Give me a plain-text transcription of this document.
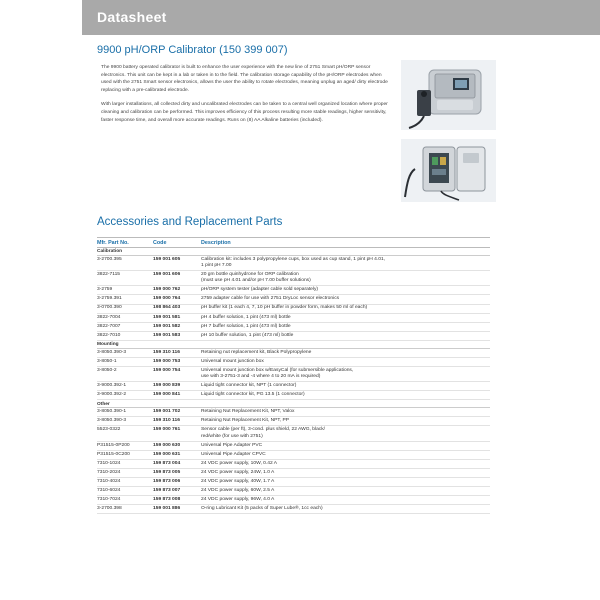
Datasheet
9900 pH/ORP Calibrator (150 399 007)

The 9900 battery operated calibrator is built to enhance the user experience with the new line of 2751 Smart pH/ORP sensor electronics. This unit can be kept in a lab or taken in to the field. The calibration storage capability of the pH/ORP electrodes when used with the 2751 Smart sensor electronics, allows the user the ability to rotate electrodes, meaning unplug an aged/ dirty electrode replacing with a pre-calibrated electrode.

With larger installations, all collected dirty and uncalibrated electrodes can be taken to a central well organized location where proper cleaning and calibration can be performed. This improves efficiency of this process resulting more stable readings, higher sensitivity, faster response time, and overall more accurate readings. Runs on (8) AA Alkaline batteries (included).

Accessories and Replacement Parts
Mfr. Part No.	Code	Description
Calibration
3-2700.395	159 001 605	Calibration kit: includes 3 polypropylene cups, box used as cup stand, 1 pint pH 4.01,
1 pint pH 7.00
3822-7115	159 001 606	20 gm bottle quinhydrone for ORP calibration
(must use pH 4.01 and/or pH 7.00 buffer solutions)
3-2759	159 000 762	pH/ORP system tester (adapter cable sold separately)
3-2759.391	159 000 764	2759 adapter cable for use with 2751 DryLoc sensor electronics
3-0700.390	198 864 403	pH buffer kit (1 each 4, 7, 10 pH buffer in powder form, makes 50 ml of each)
3822-7004	159 001 581	pH 4 buffer solution, 1 pint (473 ml) bottle
3822-7007	159 001 582	pH 7 buffer solution, 1 pint (473 ml) bottle
3822-7010	159 001 583	pH 10 buffer solution, 1 pint (473 ml) bottle
Mounting
3-8050.390-3	159 310 116	Retaining nut replacement kit, Black Polypropylene
3-8050-1	159 000 753	Universal mount junction box
3-8050-2	159 000 754	Universal mount junction box w/EasyCal (for submersible applications,
use with 3-2751-3 and -4 where 4 to 20 mA is required)
3-9000.392-1	159 000 839	Liquid tight connector kit, NPT (1 connector)
3-9000.392-2	159 000 841	Liquid tight connector kit, PG 13.5 (1 connector)
Other
3-8050.390-1	159 001 702	Retaining Nut Replacement Kit, NPT, Valox
3-8050.390-3	159 310 116	Retaining Nut Replacement Kit, NPT, PP
5523-0322	159 000 761	Sensor cable (per ft), 3-cond. plus shield, 22 AWG, black/
red/white (for use with 2751)
P31515-0P200	159 000 630	Universal Pipe Adapter PVC
P31515-0C200	159 000 631	Universal Pipe Adapter CPVC
7310-1024	159 873 004	24 VDC power supply, 10W, 0.42 A
7310-2024	159 873 005	24 VDC power supply, 24W, 1.0 A
7310-4024	159 873 006	24 VDC power supply, 40W, 1.7 A
7310-6024	159 873 007	24 VDC power supply, 60W, 2.5 A
7310-7024	159 873 008	24 VDC power supply, 96W, 4.0 A
3-2700.398	159 001 886	O-ring Lubricant Kit (5 packs of Super Lube®, 1cc each)
